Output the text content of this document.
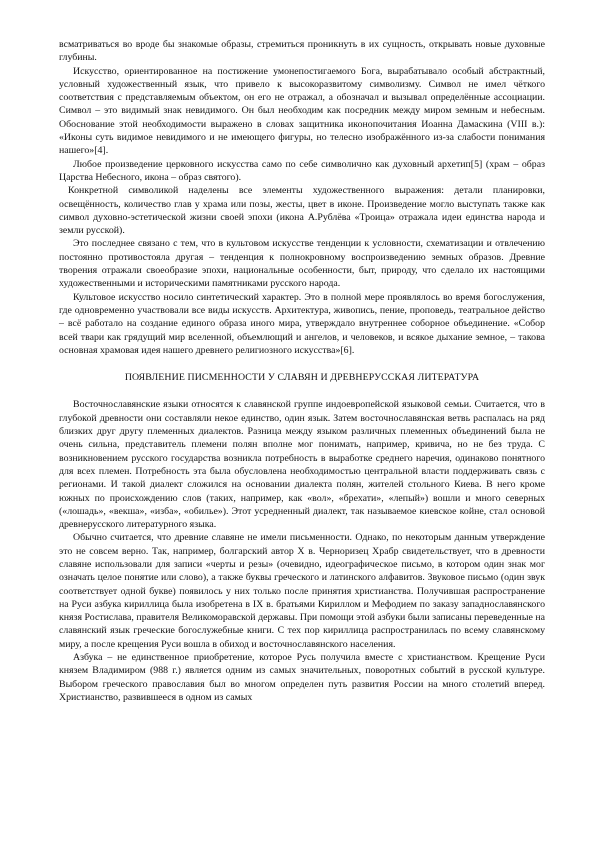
всматриваться во вроде бы знакомые образы, стремиться проникнуть в их сущность, открывать новые духовные глубины.

Искусство, ориентированное на постижение умонепостигаемого Бога, вырабатывало особый абстрактный, условный художественный язык, что привело к высокоразвитому символизму. Символ не имел чёткого соответствия с представляемым объектом, он его не отражал, а обозначал и вызывал определённые ассоциации. Символ – это видимый знак невидимого. Он был необходим как посредник между миром земным и небесным. Обоснование этой необходимости выражено в словах защитника иконопочитания Иоанна Дамаскина (VIII в.): «Иконы суть видимое невидимого и не имеющего фигуры, но телесно изображённого из-за слабости понимания нашего»[4].

Любое произведение церковного искусства само по себе символично как духовный архетип[5] (храм – образ Царства Небесного, икона – образ святого).

Конкретной символикой наделены все элементы художественного выражения: детали планировки, освещённость, количество глав у храма или позы, жесты, цвет в иконе. Произведение могло выступать также как символ духовно-эстетической жизни своей эпохи (икона А.Рублёва «Троица» отражала идеи единства народа и земли русской).

Это последнее связано с тем, что в культовом искусстве тенденции к условности, схематизации и отвлечению постоянно противостояла другая – тенденция к полнокровному воспроизведению земных образов. Древние творения отражали своеобразие эпохи, национальные особенности, быт, природу, что сделало их настоящими художественными и историческими памятниками русского народа.

Культовое искусство носило синтетический характер. Это в полной мере проявлялось во время богослужения, где одновременно участвовали все виды искусств. Архитектура, живопись, пение, проповедь, театральное действо – всё работало на создание единого образа иного мира, утверждало внутреннее соборное объединение. «Собор всей твари как грядущий мир вселенной, объемлющий и ангелов, и человеков, и всякое дыхание земное, – такова основная храмовая идея нашего древнего религиозного искусства»[6].

ПОЯВЛЕНИЕ ПИСМЕННОСТИ У СЛАВЯН И ДРЕВНЕРУССКАЯ ЛИТЕРАТУРА

Восточнославянские языки относятся к славянской группе индоевропейской языковой семьи. Считается, что в глубокой древности они составляли некое единство, один язык. Затем восточнославянская ветвь распалась на ряд близких друг другу племенных диалектов. Разница между языком различных племенных объединений была не очень сильна, представитель племени полян вполне мог понимать, например, кривича, но не без труда. С возникновением русского государства возникла потребность в выработке среднего наречия, одинаково понятного для всех племен. Потребность эта была обусловлена необходимостью центральной власти поддерживать связь с регионами. И такой диалект сложился на основании диалекта полян, жителей стольного Киева. В него кроме южных по происхождению слов (таких, например, как «вол», «брехати», «лепый») вошли и много северных («лошадь», «векша», «изба», «обилье»). Этот усредненный диалект, так называемое киевское койне, стал основой древнерусского литературного языка.

Обычно считается, что древние славяне не имели письменности. Однако, по некоторым данным утверждение это не совсем верно. Так, например, болгарский автор X в. Черноризец Храбр свидетельствует, что в древности славяне использовали для записи «черты и резы» (очевидно, идеографическое письмо, в котором один знак мог означать целое понятие или слово), а также буквы греческого и латинского алфавитов. Звуковое письмо (один звук соответствует одной букве) появилось у них только после принятия христианства. Получившая распространение на Руси азбука кириллица была изобретена в IX в. братьями Кириллом и Мефодием по заказу западнославянского князя Ростислава, правителя Великоморавской державы. При помощи этой азбуки были записаны переведенные на славянский язык греческие богослужебные книги. С тех пор кириллица распространилась по всему славянскому миру, а после крещения Руси вошла в обиход и восточнославянского населения.

Азбука – не единственное приобретение, которое Русь получила вместе с христианством. Крещение Руси князем Владимиром (988 г.) является одним из самых значительных, поворотных событий в русской культуре. Выбором греческого православия был во многом определен путь развития России на много столетий вперед. Христианство, развившееся в одном из самых
